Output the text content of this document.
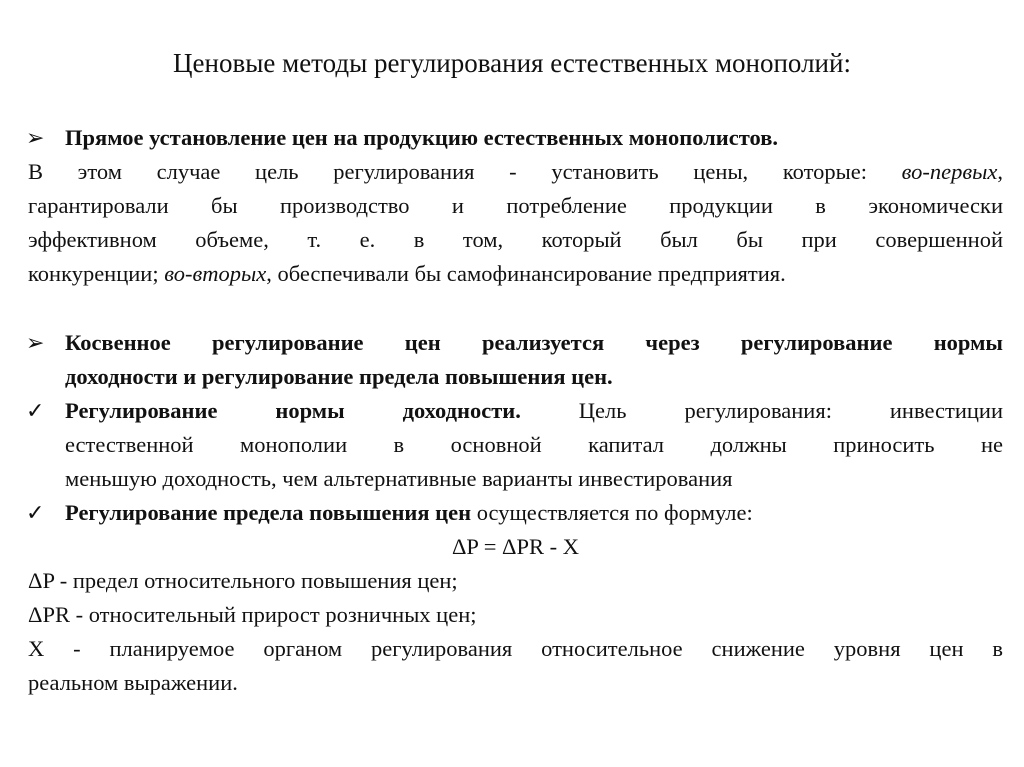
Ценовые методы регулирования естественных монополий:
➢ Прямое установление цен на продукцию естественных монополистов.
В этом случае цель регулирования - установить цены, которые: во-первых,
гарантировали бы производство и потребление продукции в экономически
эффективном объеме, т. е. в том, который был бы при совершенной
конкуренции; во-вторых, обеспечивали бы самофинансирование предприятия.
➢ Косвенное регулирование цен реализуется через регулирование нормы
доходности и регулирование предела повышения цен.
✓ Регулирование нормы доходности. Цель регулирования: инвестиции
естественной монополии в основной капитал должны приносить не
меньшую доходность, чем альтернативные варианты инвестирования
✓ Регулирование предела повышения цен осуществляется по формуле:
ΔP = ΔPR - X
ΔP - предел относительного повышения цен;
ΔPR - относительный прирост розничных цен;
X - планируемое органом регулирования относительное снижение уровня цен в
реальном выражении.
